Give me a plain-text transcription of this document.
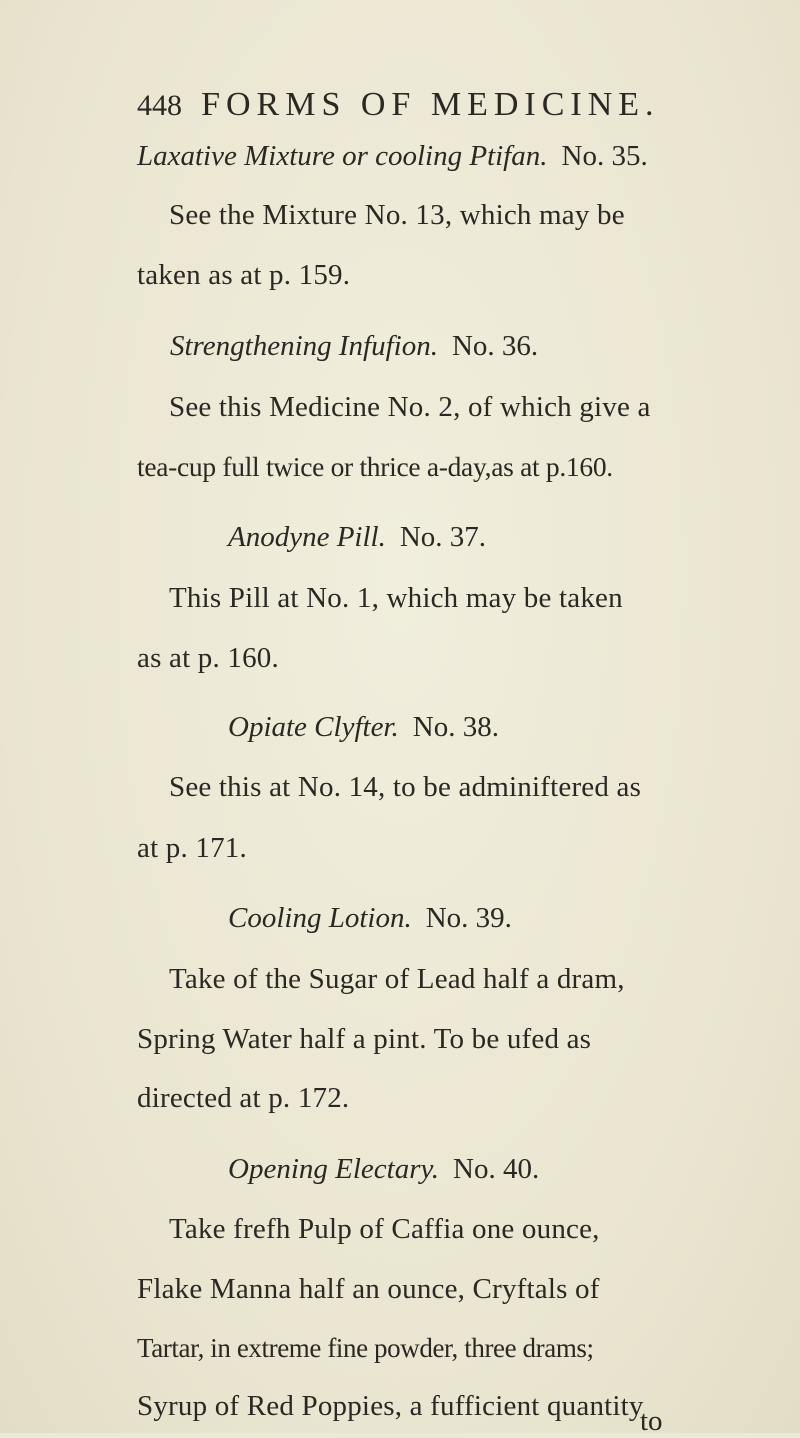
448 FORMS OF MEDICINE.
Laxative Mixture or cooling Ptifan. No. 35.
See the Mixture No. 13, which may be
taken as at p. 159.
Strengthening Infufion. No. 36.
See this Medicine No. 2, of which give a
tea-cup full twice or thrice a-day,as at p.160.
Anodyne Pill. No. 37.
This Pill at No. 1, which may be taken
as at p. 160.
Opiate Clyfter. No. 38.
See this at No. 14, to be adminiftered as
at p. 171.
Cooling Lotion. No. 39.
Take of the Sugar of Lead half a dram,
Spring Water half a pint. To be ufed as
directed at p. 172.
Opening Electary. No. 40.
Take frefh Pulp of Caffia one ounce,
Flake Manna half an ounce, Cryftals of
Tartar, in extreme fine powder, three drams;
Syrup of Red Poppies, a fufficient quantity
to
